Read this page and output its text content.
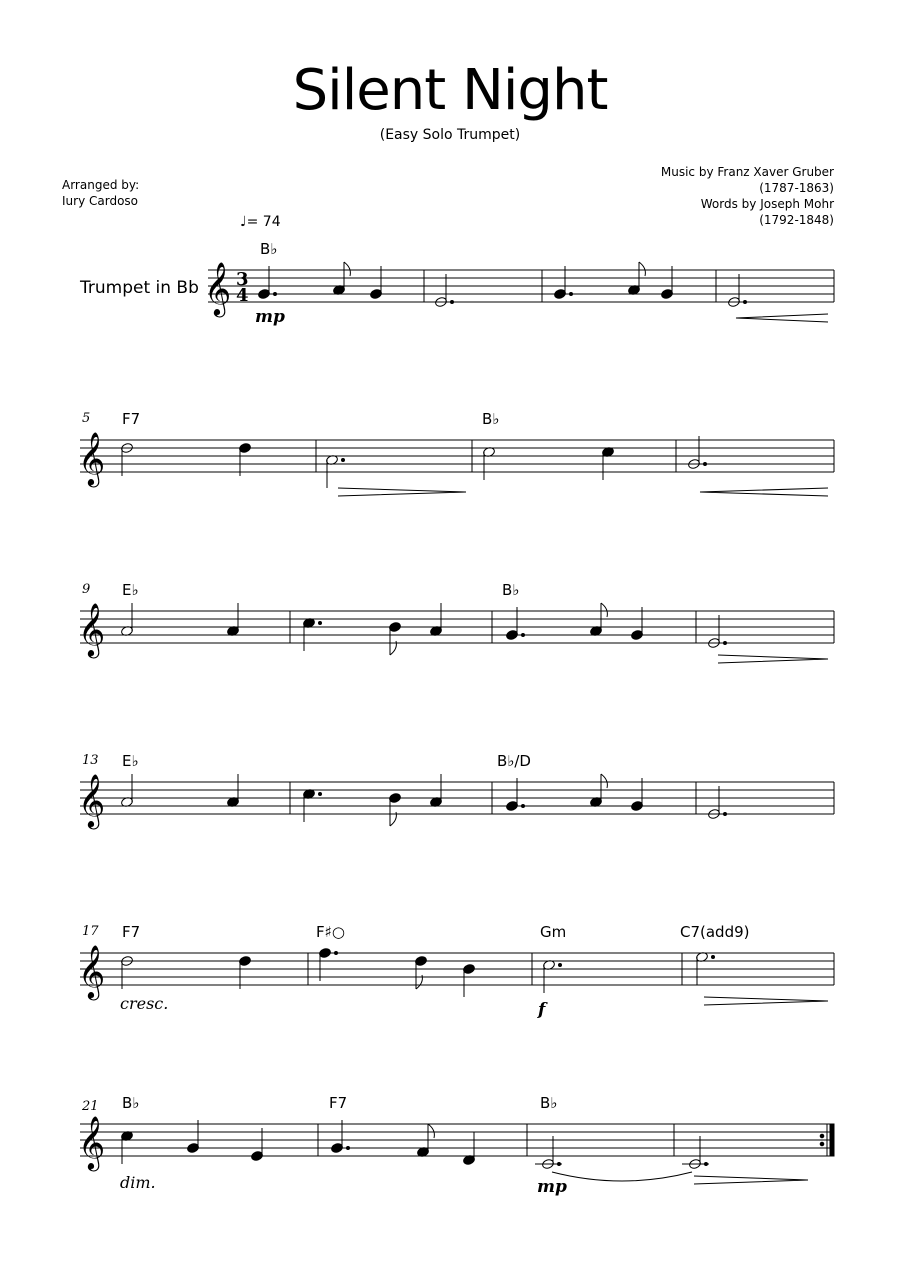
Silent Night
(Easy Solo Trumpet)
Arranged by:
Iury Cardoso
Music by Franz Xaver Gruber
(1787-1863)
Words by Joseph Mohr
(1792-1848)
♩= 74
Trumpet in Bb 𝄞 3
4
B♭
mp
𝄞
5 F7	B♭
𝄞
9 E♭	B♭
𝄞
13 E♭	B♭/D
𝄞
17 F7	F♯○	Gm	C7(add9)
cresc.	f
𝄞
21 B♭	F7	B♭
dim.	mp
